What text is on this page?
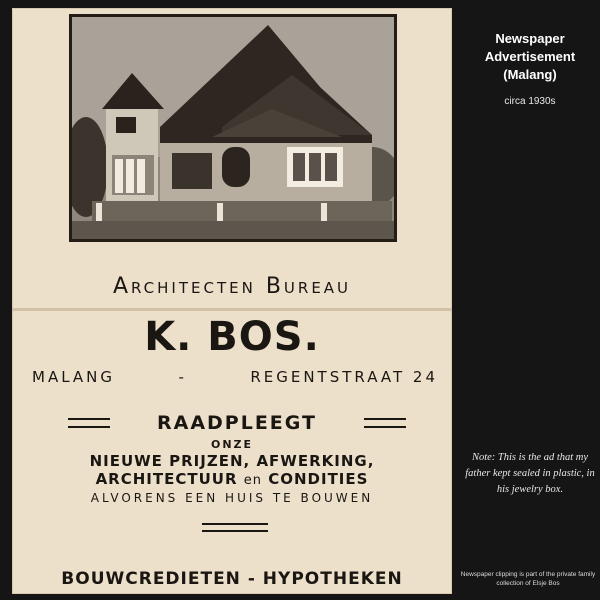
Architecten Bureau
K. BOS.
MALANG	-	REGENTSTRAAT 24
RAADPLEEGT
ONZE
NIEUWE PRIJZEN, AFWERKING,
ARCHITECTUUR en CONDITIES
ALVORENS EEN HUIS TE BOUWEN
BOUWCREDIETEN - HYPOTHEKEN
Newspaper
Advertisement
(Malang)
circa 1930s
Note: This is the ad that my father kept sealed in plastic, in his jewelry box.
Newspaper clipping is part of the private family collection of Elsje Bos
